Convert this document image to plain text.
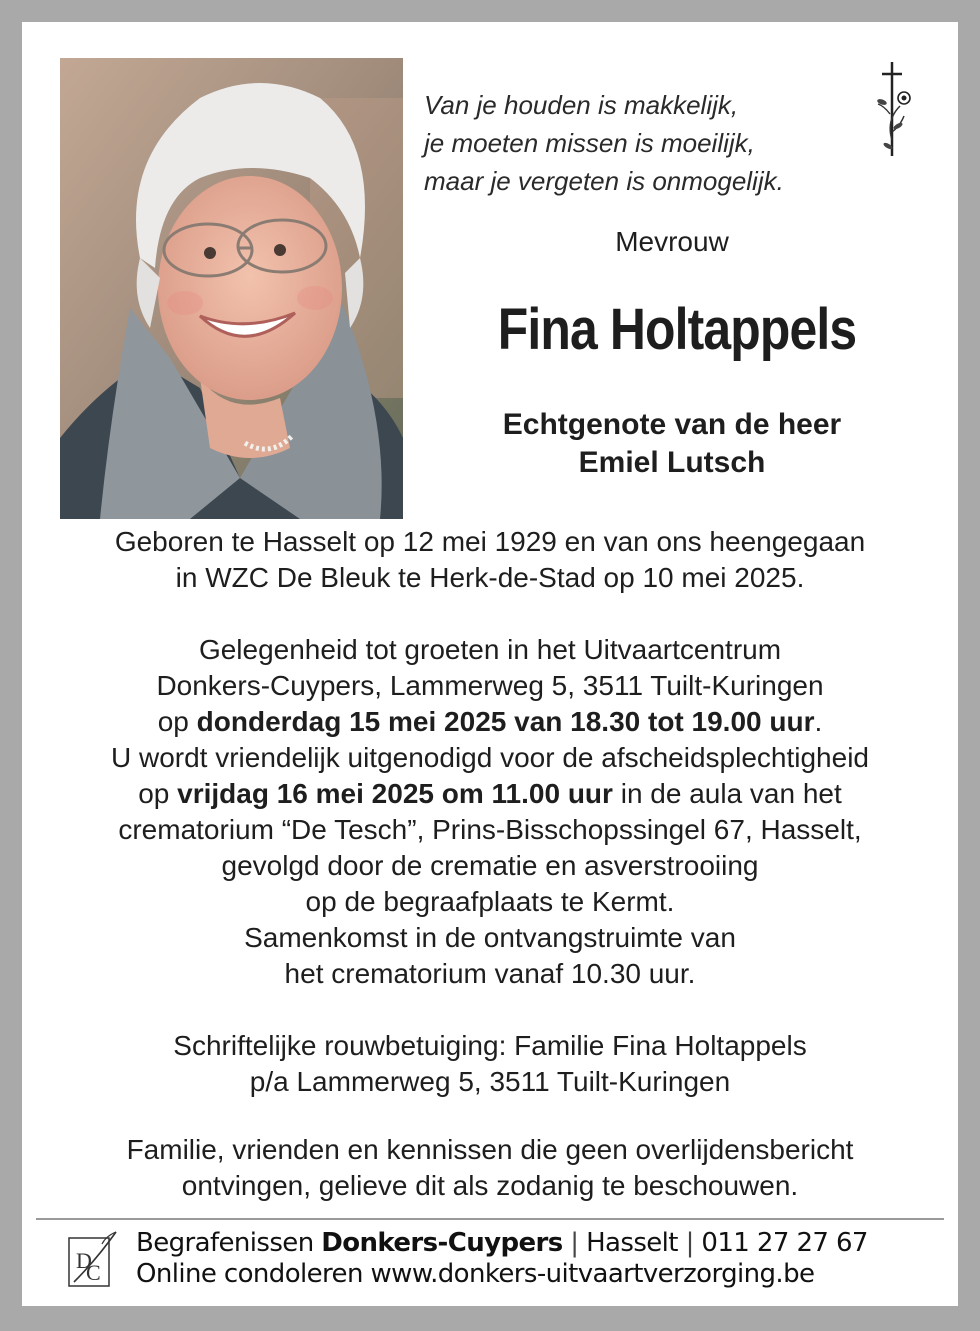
Van je houden is makkelijk,
je moeten missen is moeilijk,
maar je vergeten is onmogelijk.
Mevrouw
Fina Holtappels
Echtgenote van de heer
Emiel Lutsch
Geboren te Hasselt op 12 mei 1929 en van ons heengegaan
in WZC De Bleuk te Herk-de-Stad op 10 mei 2025.
Gelegenheid tot groeten in het Uitvaartcentrum
Donkers-Cuypers, Lammerweg 5, 3511 Tuilt-Kuringen
op donderdag 15 mei 2025 van 18.30 tot 19.00 uur.
U wordt vriendelijk uitgenodigd voor de afscheidsplechtigheid
op vrijdag 16 mei 2025 om 11.00 uur in de aula van het
crematorium “De Tesch”, Prins-Bisschopssingel 67, Hasselt,
gevolgd door de crematie en asverstrooiing
op de begraafplaats te Kermt.
Samenkomst in de ontvangstruimte van
het crematorium vanaf 10.30 uur.
Schriftelijke rouwbetuiging: Familie Fina Holtappels
p/a Lammerweg 5, 3511 Tuilt-Kuringen
Familie, vrienden en kennissen die geen overlijdensbericht
ontvingen, gelieve dit als zodanig te beschouwen.
D
C
Begrafenissen Donkers-Cuypers | Hasselt | 011 27 27 67
Online condoleren www.donkers-uitvaartverzorging.be
